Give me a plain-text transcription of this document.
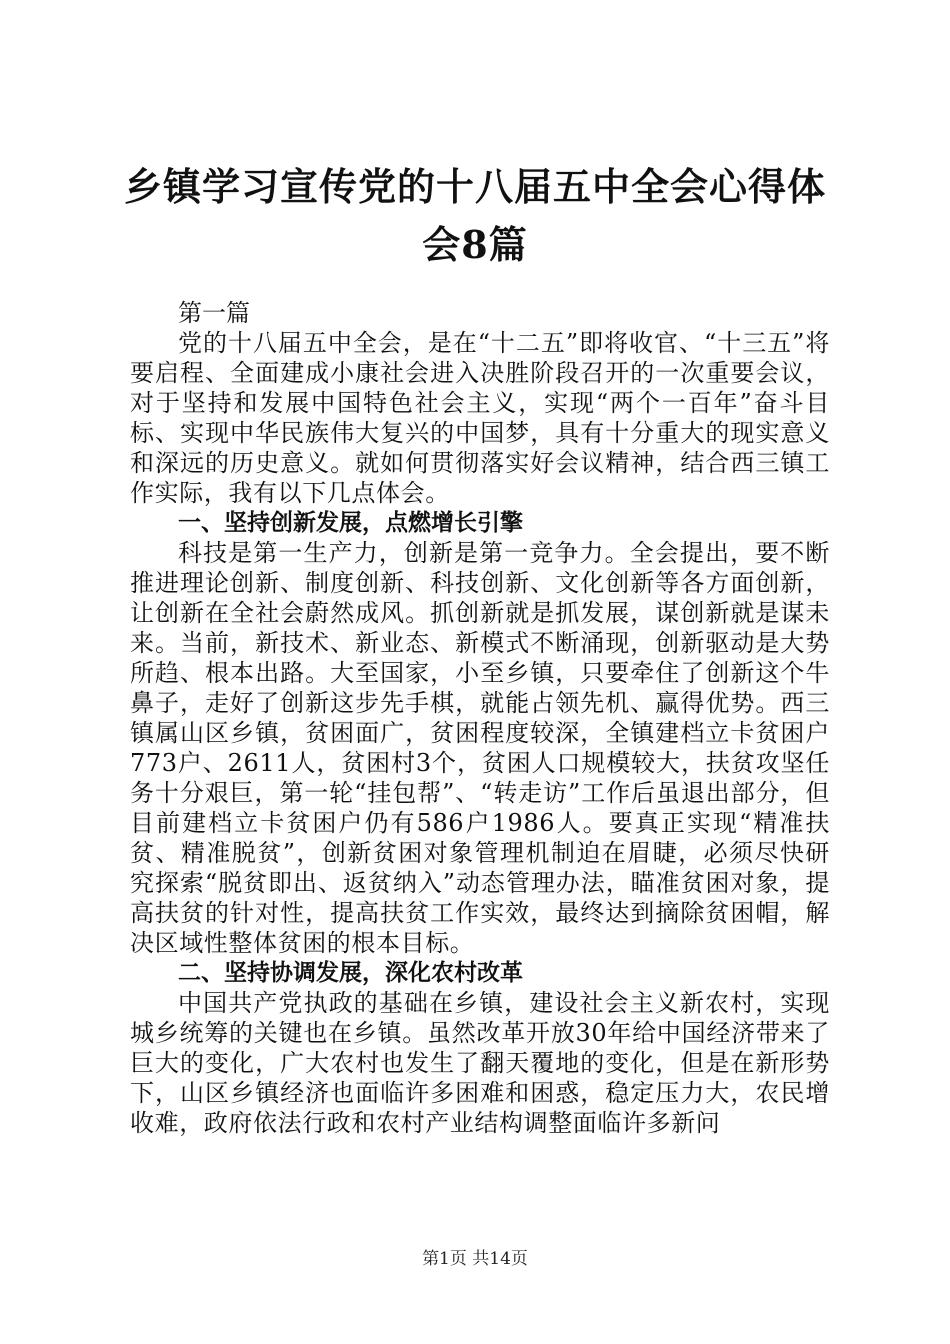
乡镇学习宣传党的十八届五中全会心得体会8篇

第一篇

党的十八届五中全会，是在“十二五”即将收官、“十三五”将要启程、全面建成小康社会进入决胜阶段召开的一次重要会议，对于坚持和发展中国特色社会主义，实现“两个一百年”奋斗目标、实现中华民族伟大复兴的中国梦，具有十分重大的现实意义和深远的历史意义。就如何贯彻落实好会议精神，结合西三镇工作实际，我有以下几点体会。

一、坚持创新发展，点燃增长引擎

科技是第一生产力，创新是第一竞争力。全会提出，要不断推进理论创新、制度创新、科技创新、文化创新等各方面创新，让创新在全社会蔚然成风。抓创新就是抓发展，谋创新就是谋未来。当前，新技术、新业态、新模式不断涌现，创新驱动是大势所趋、根本出路。大至国家，小至乡镇，只要牵住了创新这个牛鼻子，走好了创新这步先手棋，就能占领先机、赢得优势。西三镇属山区乡镇，贫困面广，贫困程度较深，全镇建档立卡贫困户773户、2611人，贫困村3个，贫困人口规模较大，扶贫攻坚任务十分艰巨，第一轮“挂包帮”、“转走访”工作后虽退出部分，但目前建档立卡贫困户仍有586户1986人。要真正实现“精准扶贫、精准脱贫”，创新贫困对象管理机制迫在眉睫，必须尽快研究探索“脱贫即出、返贫纳入”动态管理办法，瞄准贫困对象，提高扶贫的针对性，提高扶贫工作实效，最终达到摘除贫困帽，解决区域性整体贫困的根本目标。

二、坚持协调发展，深化农村改革

中国共产党执政的基础在乡镇，建设社会主义新农村，实现城乡统筹的关键也在乡镇。虽然改革开放30年给中国经济带来了巨大的变化，广大农村也发生了翻天覆地的变化，但是在新形势下，山区乡镇经济也面临许多困难和困惑，稳定压力大，农民增收难，政府依法行政和农村产业结构调整面临许多新问

第1页 共14页
